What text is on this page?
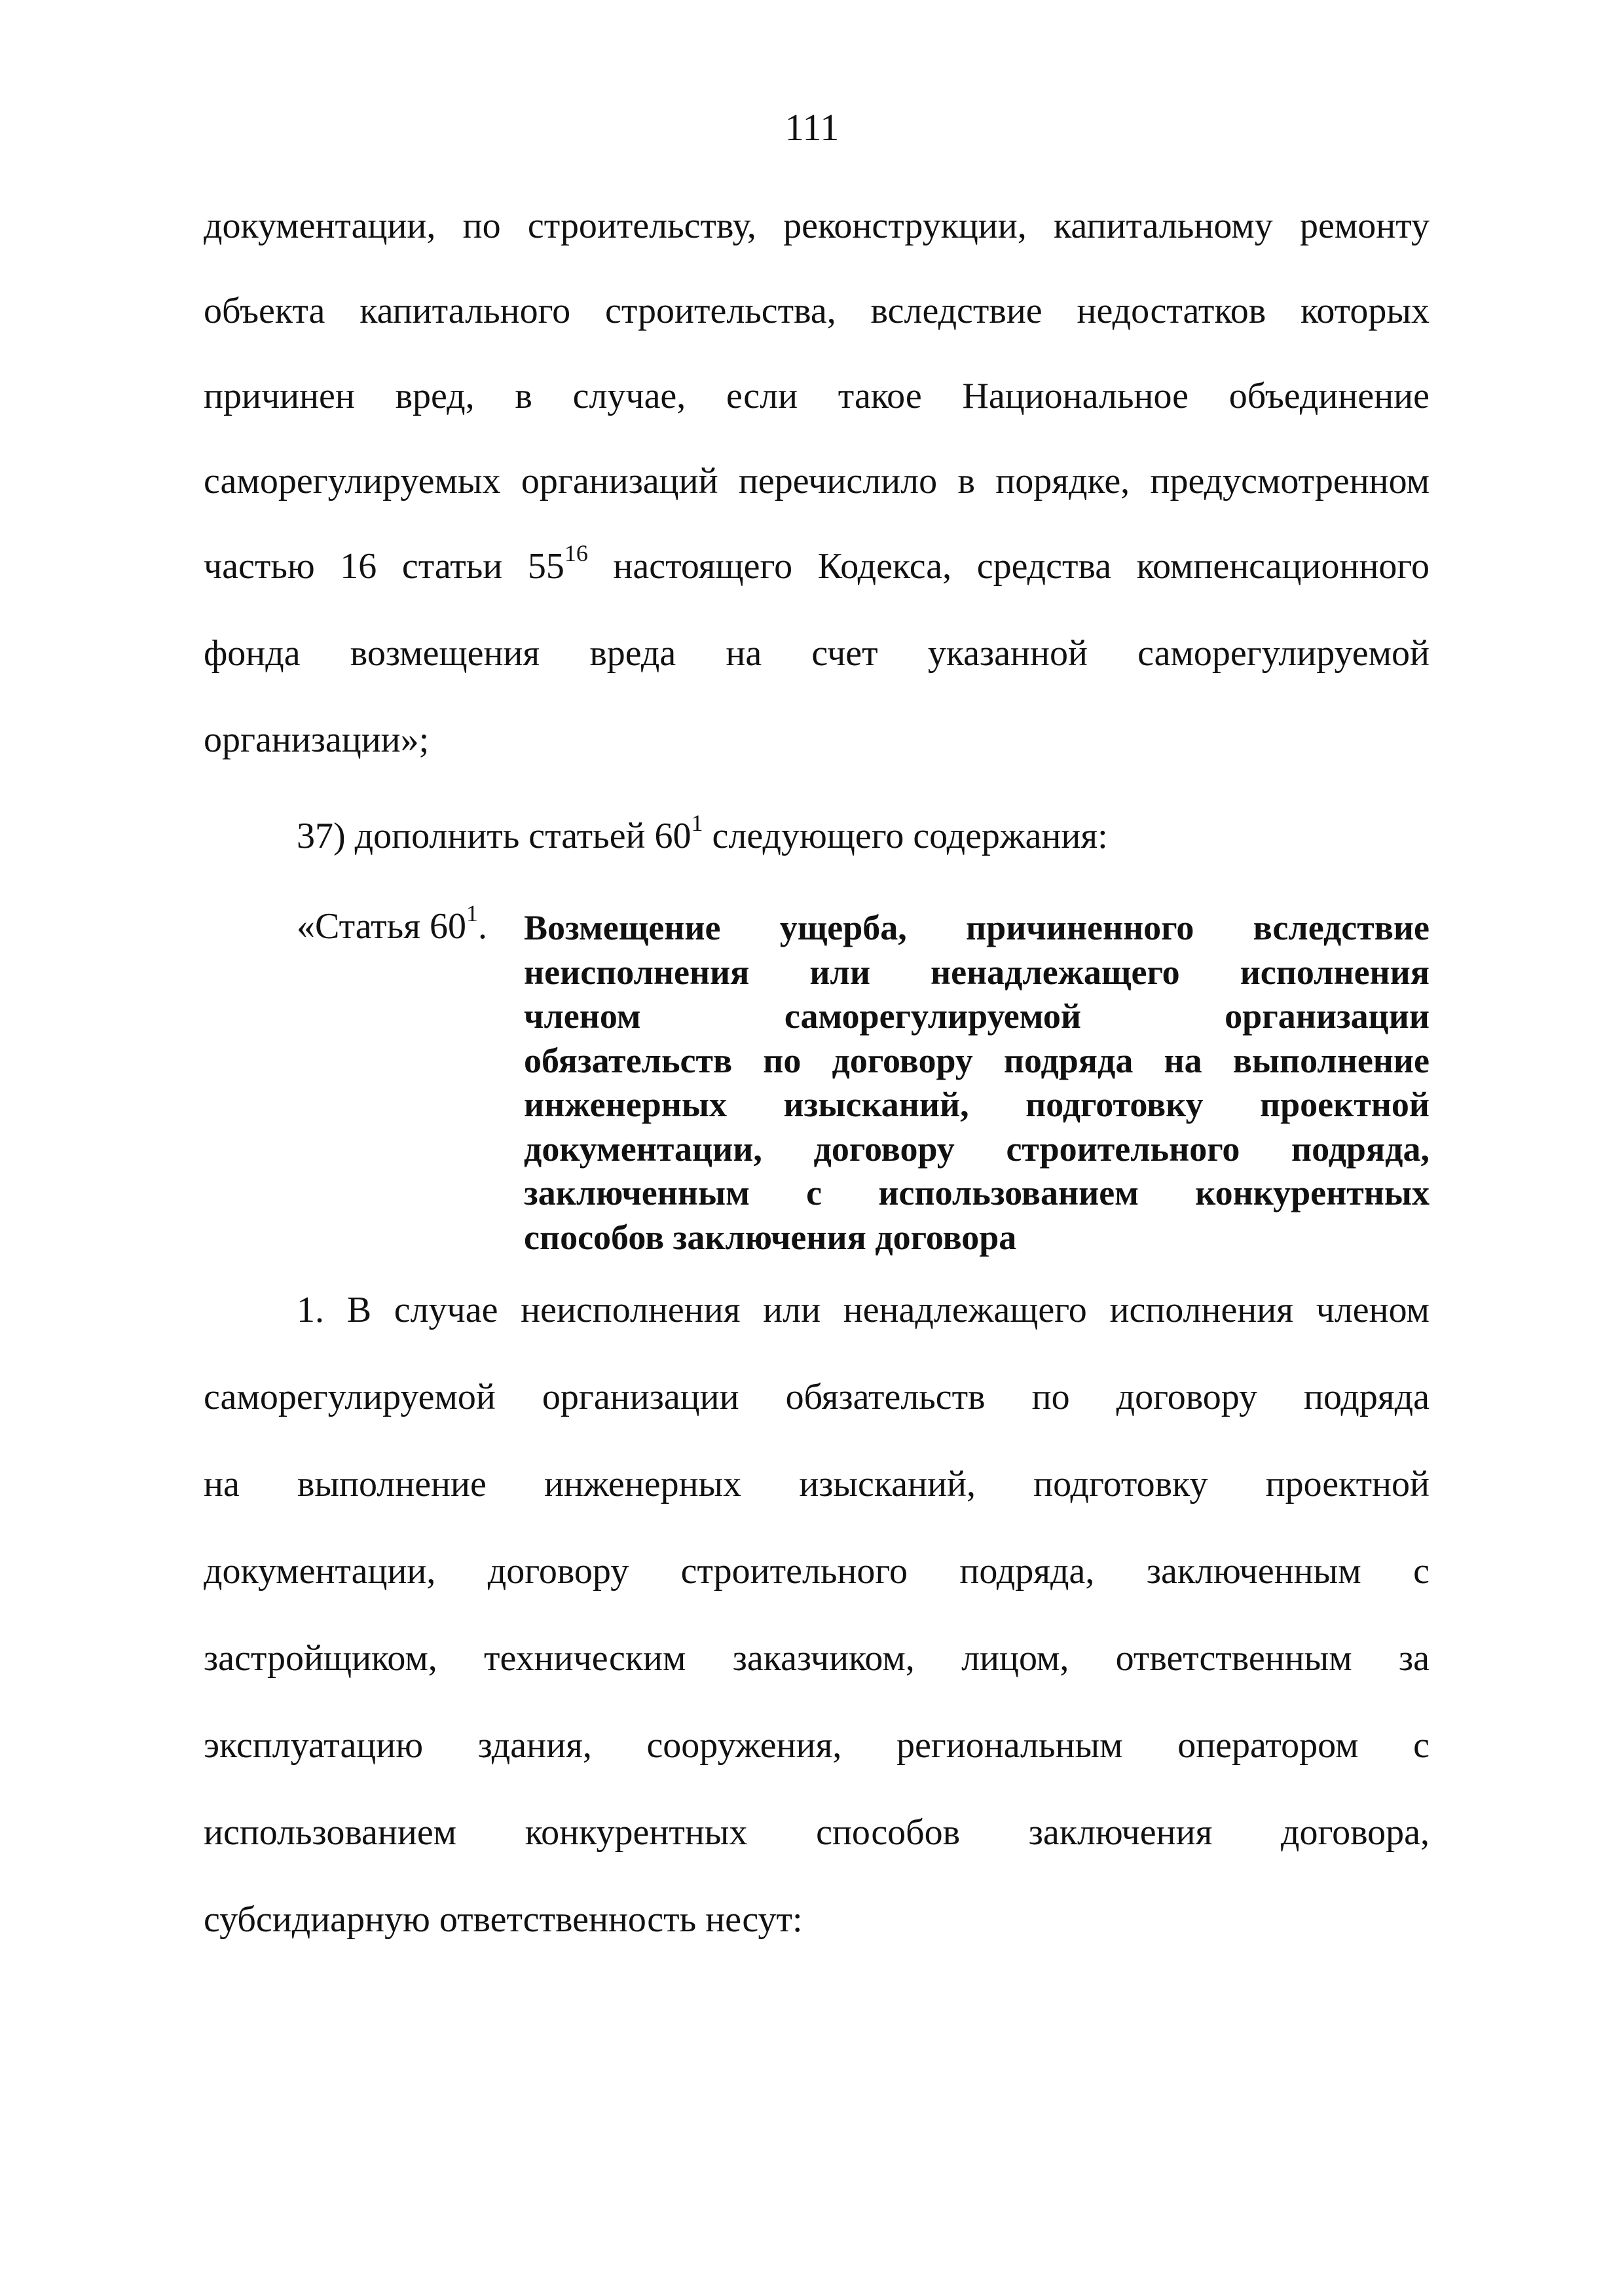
111
документации, по строительству, реконструкции, капитальному ремонту
объекта капитального строительства, вследствие недостатков которых
причинен вред, в случае, если такое Национальное объединение
саморегулируемых организаций перечислило в порядке, предусмотренном
частью 16 статьи $55^{16}$ настоящего Кодекса, средства компенсационного
фонда возмещения вреда на счет указанной саморегулируемой
организации»;
37) дополнить статьей $60^1$ следующего содержания:
«Статья $60^1$. Возмещение ущерба, причиненного вследствие
неисполнения или ненадлежащего исполнения
членом саморегулируемой организации
обязательств по договору подряда на выполнение
инженерных изысканий, подготовку проектной
документации, договору строительного подряда,
заключенным с использованием конкурентных
способов заключения договора
1. В случае неисполнения или ненадлежащего исполнения членом
саморегулируемой организации обязательств по договору подряда
на выполнение инженерных изысканий, подготовку проектной
документации, договору строительного подряда, заключенным с
застройщиком, техническим заказчиком, лицом, ответственным за
эксплуатацию здания, сооружения, региональным оператором с
использованием конкурентных способов заключения договора,
субсидиарную ответственность несут:
